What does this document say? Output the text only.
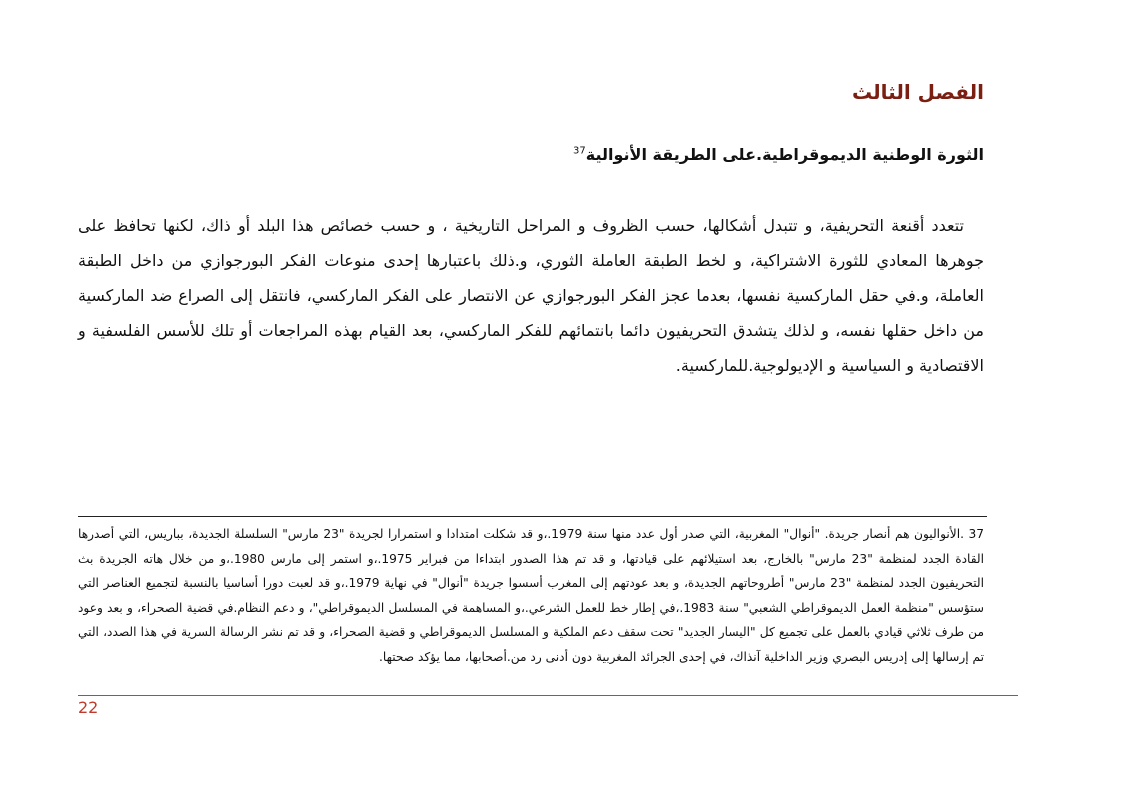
الفصل الثالث
الثورة الوطنية الديموقراطية.على الطريقة الأنوالية$^{37}$
تتعدد أقنعة التحريفية، و تتبدل أشكالها، حسب الظروف و المراحل التاريخية ، و حسب خصائص هذا البلد أو ذاك، لكنها تحافظ على جوهرها المعادي للثورة الاشتراكية، و لخط الطبقة العاملة الثوري، و.ذلك باعتبارها إحدى منوعات الفكر البورجوازي من داخل الطبقة العاملة، و.في حقل الماركسية نفسها، بعدما عجز الفكر البورجوازي عن الانتصار على الفكر الماركسي، فانتقل إلى الصراع ضد الماركسية من داخل حقلها نفسه، و لذلك يتشدق التحريفيون دائما بانتمائهم للفكر الماركسي، بعد القيام بهذه المراجعات أو تلك للأسس الفلسفية و الاقتصادية و السياسية و الإديولوجية.للماركسية.
37 .الأنواليون هم أنصار جريدة. "أنوال" المغربية، التي صدر أول عدد منها سنة 1979.،و قد شكلت امتدادا و استمرارا لجريدة "23 مارس" السلسلة الجديدة، بباريس، التي أصدرها القادة الجدد لمنظمة "23 مارس" بالخارج، بعد استيلائهم على قيادتها، و قد تم هذا الصدور ابتداءا من فبراير 1975.،و استمر إلى مارس 1980.،و من خلال هاته الجريدة بث التحريفيون الجدد لمنظمة "23 مارس" أطروحاتهم الجديدة، و بعد عودتهم إلى المغرب أسسوا جريدة "أنوال" في نهاية 1979.،و قد لعبت دورا أساسيا بالنسبة لتجميع العناصر التي ستؤسس "منظمة العمل الديموقراطي الشعبي" سنة 1983.،في إطار خط للعمل الشرعي.،و المساهمة في المسلسل الديموقراطي"، و دعم النظام.في قضية الصحراء، و بعد وعود من طرف ثلاثي قيادي بالعمل على تجميع كل "اليسار الجديد" تحت سقف دعم الملكية و المسلسل الديموقراطي و قضية الصحراء، و قد تم نشر الرسالة السرية في هذا الصدد، التي تم إرسالها إلى إدريس البصري وزير الداخلية آنذاك، في إحدى الجرائد المغربية دون أدنى رد من.أصحابها، مما يؤكد صحتها.
22
